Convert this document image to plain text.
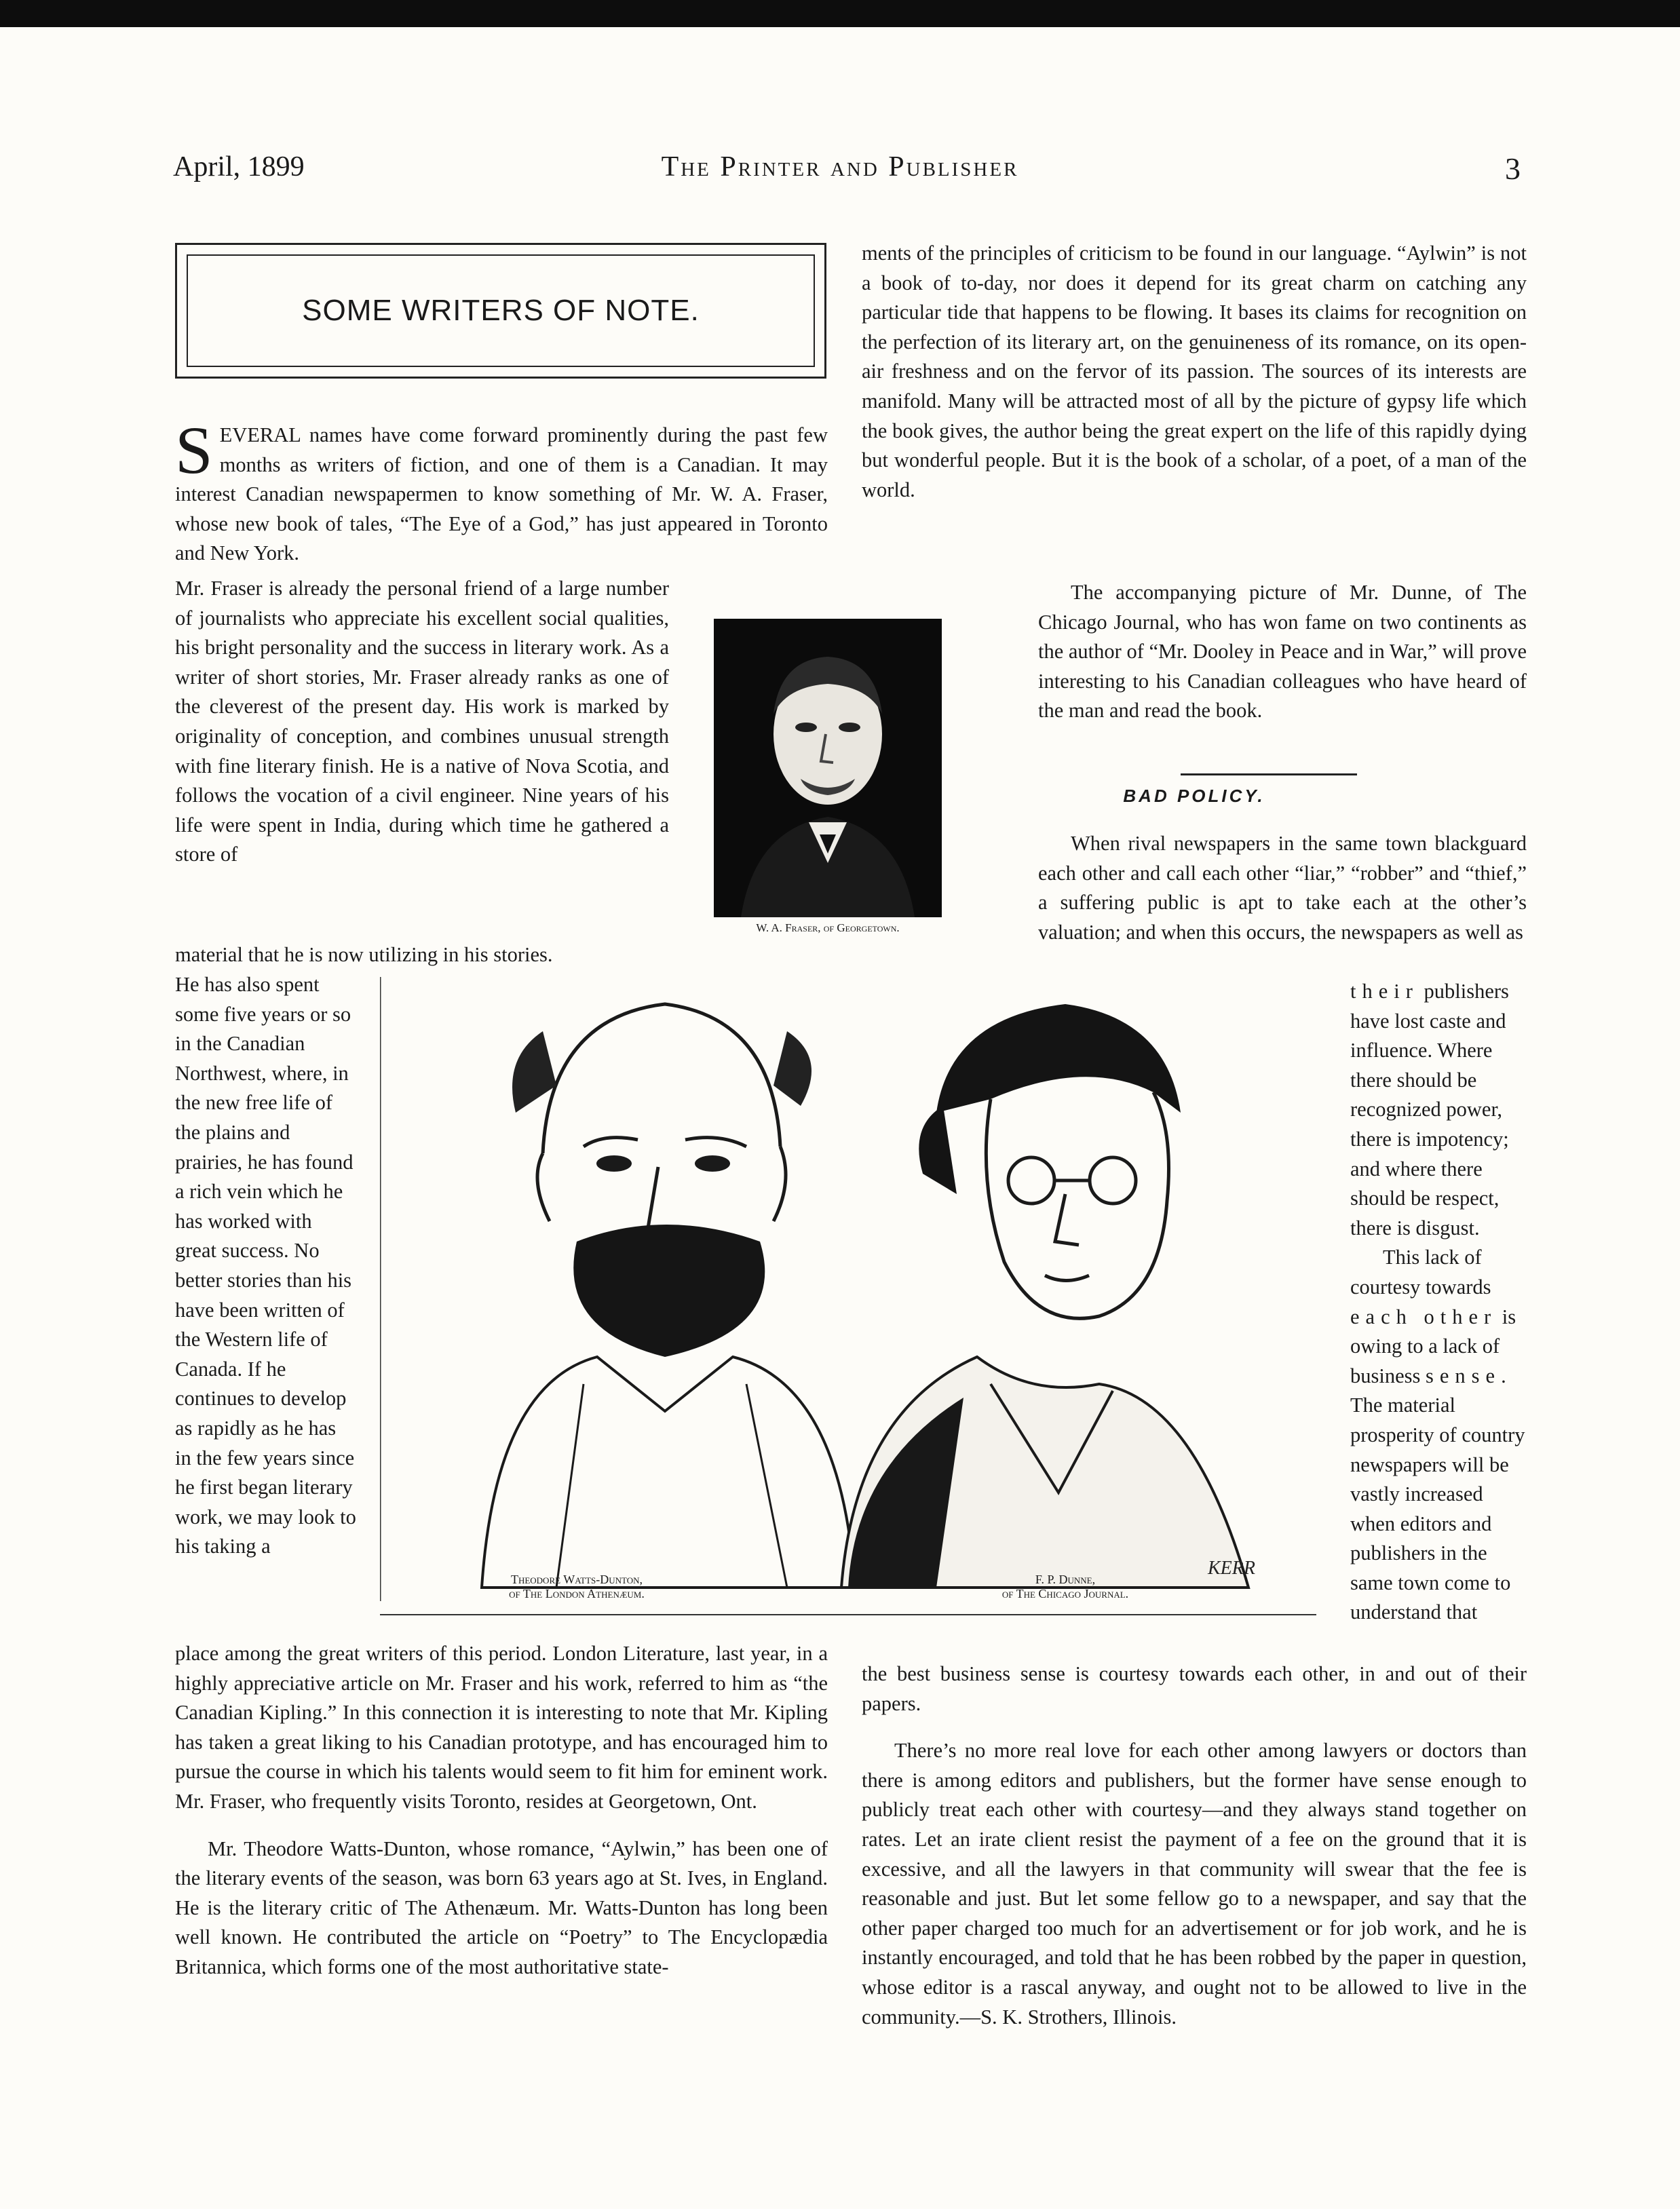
April, 1899	The Printer and Publisher	3
SOME WRITERS OF NOTE.

SEVERAL names have come forward prominently during the past few months as writers of fiction, and one of them is a Canadian. It may interest Canadian newspapermen to know something of Mr. W. A. Fraser, whose new book of tales, “The Eye of a God,” has just appeared in Toronto and New York.

Mr. Fraser is already the personal friend of a large number of journalists who appreciate his excellent social qualities, his bright personality and the success in literary work. As a writer of short stories, Mr. Fraser already ranks as one of the cleverest of the present day. His work is marked by originality of conception, and combines unusual strength with fine literary finish. He is a native of Nova Scotia, and follows the vocation of a civil engineer. Nine years of his life were spent in India, during which time he gathered a store of

material that he is now utilizing in his stories.

W. A. Fraser, of Georgetown.

He has also spent some five years or so in the Canadian Northwest, where, in the new free life of the plains and prairies, he has found a rich vein which he has worked with great success. No better stories than his have been written of the Western life of Canada. If he continues to develop as rapidly as he has in the few years since he first began literary work, we may look to his taking a

KERR
Theodore Watts-Dunton,
of The London Athenæum.
F. P. Dunne,
of The Chicago Journal.

place among the great writers of this period. London Literature, last year, in a highly appreciative article on Mr. Fraser and his work, referred to him as “the Canadian Kipling.” In this connection it is interesting to note that Mr. Kipling has taken a great liking to his Canadian prototype, and has encouraged him to pursue the course in which his talents would seem to fit him for eminent work. Mr. Fraser, who frequently visits Toronto, resides at Georgetown, Ont.

Mr. Theodore Watts-Dunton, whose romance, “Aylwin,” has been one of the literary events of the season, was born 63 years ago at St. Ives, in England. He is the literary critic of The Athenæum. Mr. Watts-Dunton has long been well known. He contributed the article on “Poetry” to The Encyclopædia Britannica, which forms one of the most authoritative state-

ments of the principles of criticism to be found in our language. “Aylwin” is not a book of to-day, nor does it depend for its great charm on catching any particular tide that happens to be flowing. It bases its claims for recognition on the perfection of its literary art, on the genuineness of its romance, on its open-air freshness and on the fervor of its passion. The sources of its interests are manifold. Many will be attracted most of all by the picture of gypsy life which the book gives, the author being the great expert on the life of this rapidly dying but wonderful people. But it is the book of a scholar, of a poet, of a man of the world.

The accompanying picture of Mr. Dunne, of The Chicago Journal, who has won fame on two continents as the author of “Mr. Dooley in Peace and in War,” will prove interesting to his Canadian colleagues who have heard of the man and read the book.

BAD POLICY.

When rival newspapers in the same town blackguard each other and call each other “liar,” “robber” and “thief,” a suffering public is apt to take each at the other’s valuation; and when this occurs, the newspapers as well as

their publishers have lost caste and influence. Where there should be recognized power, there is impotency; and where there should be respect, there is disgust.

This lack of courtesy towards each other is owing to a lack of business sense. The material prosperity of country newspapers will be vastly increased when editors and publishers in the same town come to understand that

the best business sense is courtesy towards each other, in and out of their papers.

There’s no more real love for each other among lawyers or doctors than there is among editors and publishers, but the former have sense enough to publicly treat each other with courtesy—and they always stand together on rates. Let an irate client resist the payment of a fee on the ground that it is excessive, and all the lawyers in that community will swear that the fee is reasonable and just. But let some fellow go to a newspaper, and say that the other paper charged too much for an advertisement or for job work, and he is instantly encouraged, and told that he has been robbed by the paper in question, whose editor is a rascal anyway, and ought not to be allowed to live in the community.—S. K. Strothers, Illinois.
